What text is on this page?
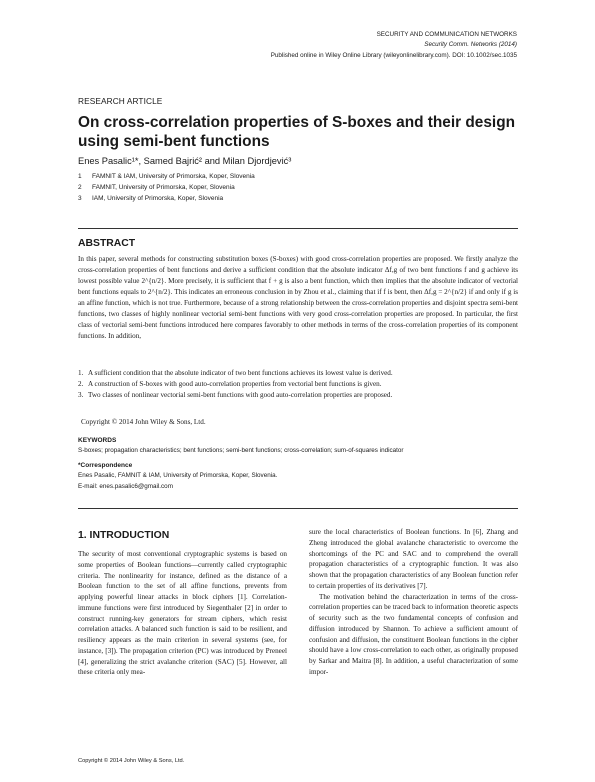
SECURITY AND COMMUNICATION NETWORKS
Security Comm. Networks (2014)
Published online in Wiley Online Library (wileyonlinelibrary.com). DOI: 10.1002/sec.1035
RESEARCH ARTICLE
On cross-correlation properties of S-boxes and their design using semi-bent functions
Enes Pasalic¹*, Samed Bajrić² and Milan Djordjević³
1 FAMNIT & IAM, University of Primorska, Koper, Slovenia
2 FAMNIT, University of Primorska, Koper, Slovenia
3 IAM, University of Primorska, Koper, Slovenia
ABSTRACT
In this paper, several methods for constructing substitution boxes (S-boxes) with good cross-correlation properties are proposed. We firstly analyze the cross-correlation properties of bent functions and derive a sufficient condition that the absolute indicator Δf,g of two bent functions f and g achieve its lowest possible value 2^{n/2}. More precisely, it is sufficient that f + g is also a bent function, which then implies that the absolute indicator of vectorial bent functions equals to 2^{n/2}. This indicates an erroneous conclusion in by Zhou et al., claiming that if f is bent, then Δf,g = 2^{n/2} if and only if g is an affine function, which is not true. Furthermore, because of a strong relationship between the cross-correlation properties and disjoint spectra semi-bent functions, two classes of highly nonlinear vectorial semi-bent functions with very good cross-correlation properties are proposed. In particular, the first class of vectorial semi-bent functions introduced here compares favorably to other methods in terms of the cross-correlation properties of its component functions. In addition,
1. A sufficient condition that the absolute indicator of two bent functions achieves its lowest value is derived.
2. A construction of S-boxes with good auto-correlation properties from vectorial bent functions is given.
3. Two classes of nonlinear vectorial semi-bent functions with good auto-correlation properties are proposed.
Copyright © 2014 John Wiley & Sons, Ltd.
KEYWORDS
S-boxes; propagation characteristics; bent functions; semi-bent functions; cross-correlation; sum-of-squares indicator
*Correspondence
Enes Pasalic, FAMNIT & IAM, University of Primorska, Koper, Slovenia.
E-mail: enes.pasalic6@gmail.com
1. INTRODUCTION

The security of most conventional cryptographic systems is based on some properties of Boolean functions—currently called cryptographic criteria. The nonlinearity for instance, defined as the distance of a Boolean function to the set of all affine functions, prevents from applying powerful linear attacks in block ciphers [1]. Correlation-immune functions were first introduced by Siegenthaler [2] in order to construct running-key generators for stream ciphers, which resist correlation attacks. A balanced such function is said to be resilient, and resiliency appears as the main criterion in several systems (see, for instance, [3]). The propagation criterion (PC) was introduced by Preneel [4], generalizing the strict avalanche criterion (SAC) [5]. However, all these criteria only mea-

sure the local characteristics of Boolean functions. In [6], Zhang and Zheng introduced the global avalanche characteristic to overcome the shortcomings of the PC and SAC and to comprehend the overall propagation characteristics of a cryptographic function. It was also shown that the propagation characteristics of any Boolean function refer to certain properties of its derivatives [7].

The motivation behind the characterization in terms of the cross-correlation properties can be traced back to information theoretic aspects of security such as the two fundamental concepts of confusion and diffusion introduced by Shannon. To achieve a sufficient amount of confusion and diffusion, the constituent Boolean functions in the cipher should have a low cross-correlation to each other, as originally proposed by Sarkar and Maitra [8]. In addition, a useful characterization of some impor-

Copyright © 2014 John Wiley & Sons, Ltd.
